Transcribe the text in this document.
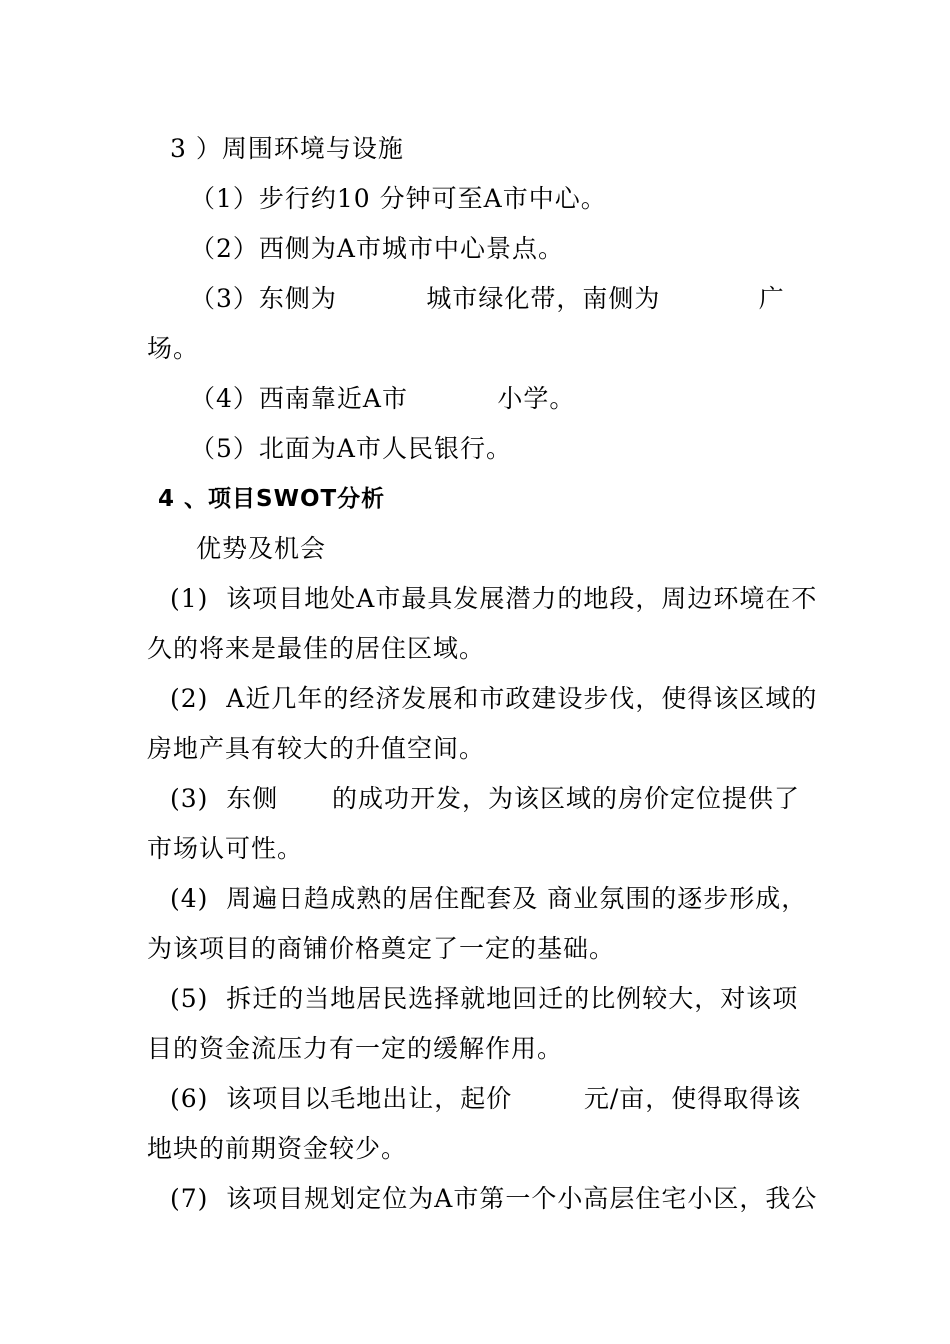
3 ）周围环境与设施
（1）步行约10 分钟可至A市中心。
（2）西侧为A市城市中心景点。
（3）东侧为          城市绿化带，南侧为           广
场。
（4）西南靠近A市          小学。
（5）北面为A市人民银行。
4 、项目SWOT分析
优势及机会
(1)  该项目地处A市最具发展潜力的地段，周边环境在不
久的将来是最佳的居住区域。
(2)  A近几年的经济发展和市政建设步伐，使得该区域的
房地产具有较大的升值空间。
(3)  东侧      的成功开发，为该区域的房价定位提供了
市场认可性。
(4)  周遍日趋成熟的居住配套及 商业氛围的逐步形成，
为该项目的商铺价格奠定了一定的基础。
(5)  拆迁的当地居民选择就地回迁的比例较大，对该项
目的资金流压力有一定的缓解作用。
(6)  该项目以毛地出让，起价        元/亩，使得取得该
地块的前期资金较少。
(7)  该项目规划定位为A市第一个小高层住宅小区，我公
